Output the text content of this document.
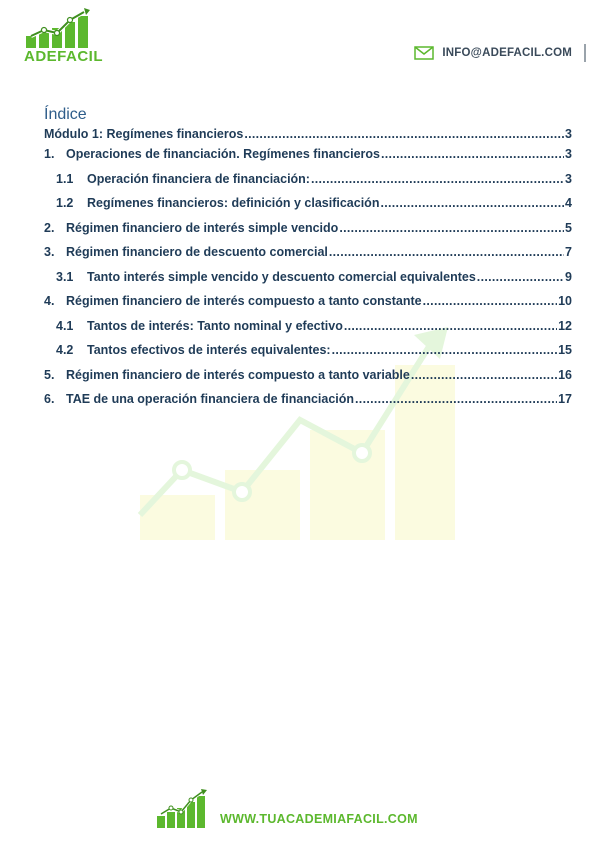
ADEFACIL	INFO@ADEFACIL.COM
Índice
Módulo 1: Regímenes financieros .....	3
1. Operaciones de financiación. Regímenes financieros .....	3
1.1	Operación financiera de financiación: .....	3
1.2	Regímenes financieros: definición y clasificación .....	4
2. Régimen financiero de interés simple vencido .....	5
3. Régimen financiero de descuento comercial .....	7
3.1	Tanto interés simple vencido y descuento comercial equivalentes .....	9
4. Régimen financiero de interés compuesto a tanto constante .....	10
4.1	Tantos de interés: Tanto nominal y efectivo .....	12
4.2	Tantos efectivos de interés equivalentes: .....	15
5. Régimen financiero de interés compuesto a tanto variable .....	16
6. TAE de una operación financiera de financiación .....	17
WWW.TUACADEMIAFACIL.COM
